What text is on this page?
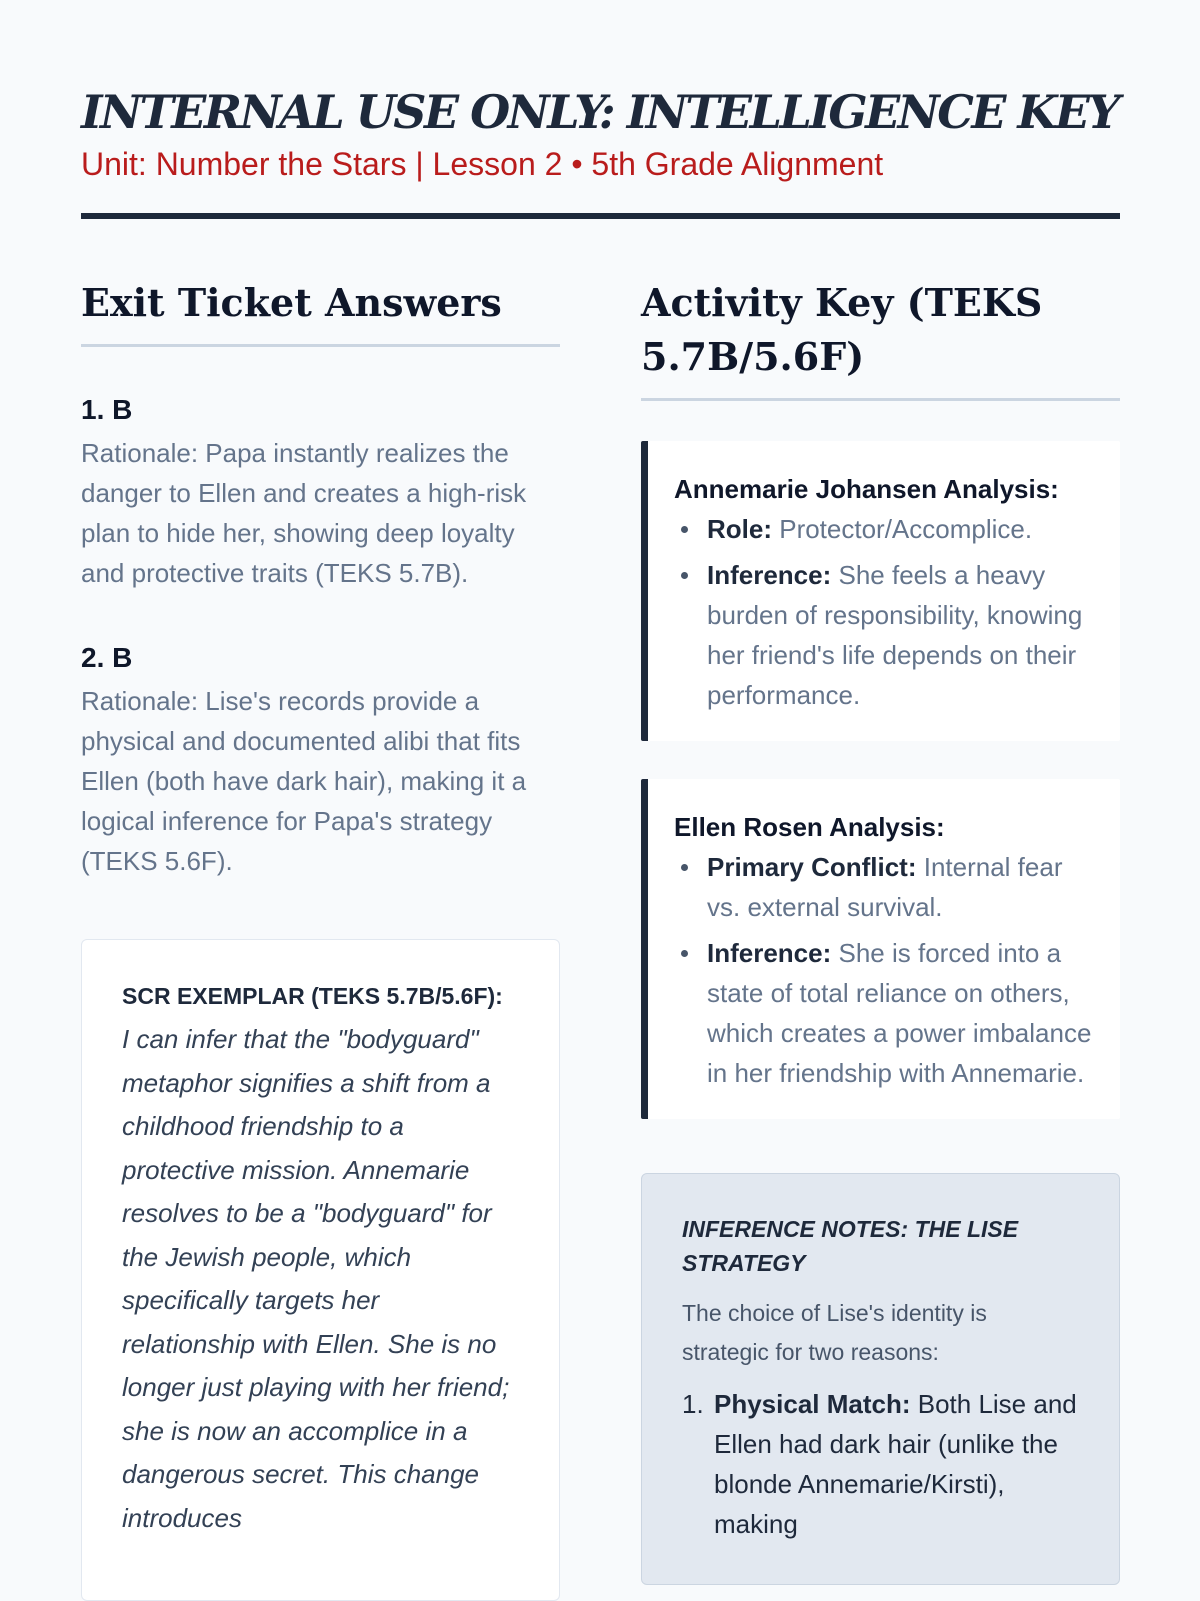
INTERNAL USE ONLY: INTELLIGENCE KEY
Unit: Number the Stars | Lesson 2 • 5th Grade Alignment
Exit Ticket Answers
1. B
Rationale: Papa instantly realizes the danger to Ellen and creates a high-risk plan to hide her, showing deep loyalty and protective traits (TEKS 5.7B).
2. B
Rationale: Lise's records provide a physical and documented alibi that fits Ellen (both have dark hair), making it a logical inference for Papa's strategy (TEKS 5.6F).
SCR EXEMPLAR (TEKS 5.7B/5.6F):
I can infer that the "bodyguard" metaphor signifies a shift from a childhood friendship to a protective mission. Annemarie resolves to be a "bodyguard" for the Jewish people, which specifically targets her relationship with Ellen. She is no longer just playing with her friend; she is now an accomplice in a dangerous secret. This change introduces
Activity Key (TEKS 5.7B/5.6F)
Annemarie Johansen Analysis:
Role: Protector/Accomplice.
Inference: She feels a heavy burden of responsibility, knowing her friend's life depends on their performance.
Ellen Rosen Analysis:
Primary Conflict: Internal fear vs. external survival.
Inference: She is forced into a state of total reliance on others, which creates a power imbalance in her friendship with Annemarie.
INFERENCE NOTES: THE LISE STRATEGY
The choice of Lise's identity is strategic for two reasons:
1. Physical Match: Both Lise and Ellen had dark hair (unlike the blonde Annemarie/Kirsti), making
